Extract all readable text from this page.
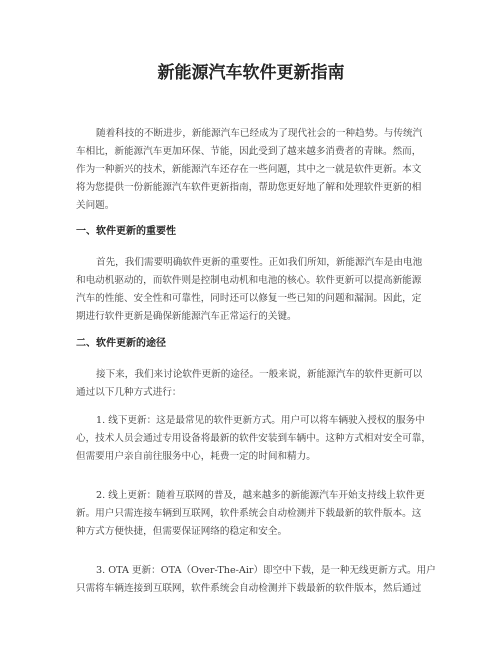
新能源汽车软件更新指南
随着科技的不断进步，新能源汽车已经成为了现代社会的一种趋势。与传统汽
车相比，新能源汽车更加环保、节能，因此受到了越来越多消费者的青睐。然而，
作为一种新兴的技术，新能源汽车还存在一些问题，其中之一就是软件更新。本文
将为您提供一份新能源汽车软件更新指南，帮助您更好地了解和处理软件更新的相
关问题。
一、软件更新的重要性
首先，我们需要明确软件更新的重要性。正如我们所知，新能源汽车是由电池
和电动机驱动的，而软件则是控制电动机和电池的核心。软件更新可以提高新能源
汽车的性能、安全性和可靠性，同时还可以修复一些已知的问题和漏洞。因此，定
期进行软件更新是确保新能源汽车正常运行的关键。
二、软件更新的途径
接下来，我们来讨论软件更新的途径。一般来说，新能源汽车的软件更新可以
通过以下几种方式进行：
1. 线下更新：这是最常见的软件更新方式。用户可以将车辆驶入授权的服务中
心，技术人员会通过专用设备将最新的软件安装到车辆中。这种方式相对安全可靠，
但需要用户亲自前往服务中心，耗费一定的时间和精力。
2. 线上更新：随着互联网的普及，越来越多的新能源汽车开始支持线上软件更
新。用户只需连接车辆到互联网，软件系统会自动检测并下载最新的软件版本。这
种方式方便快捷，但需要保证网络的稳定和安全。
3. OTA 更新：OTA（Over-The-Air）即空中下载，是一种无线更新方式。用户
只需将车辆连接到互联网，软件系统会自动检测并下载最新的软件版本，然后通过
